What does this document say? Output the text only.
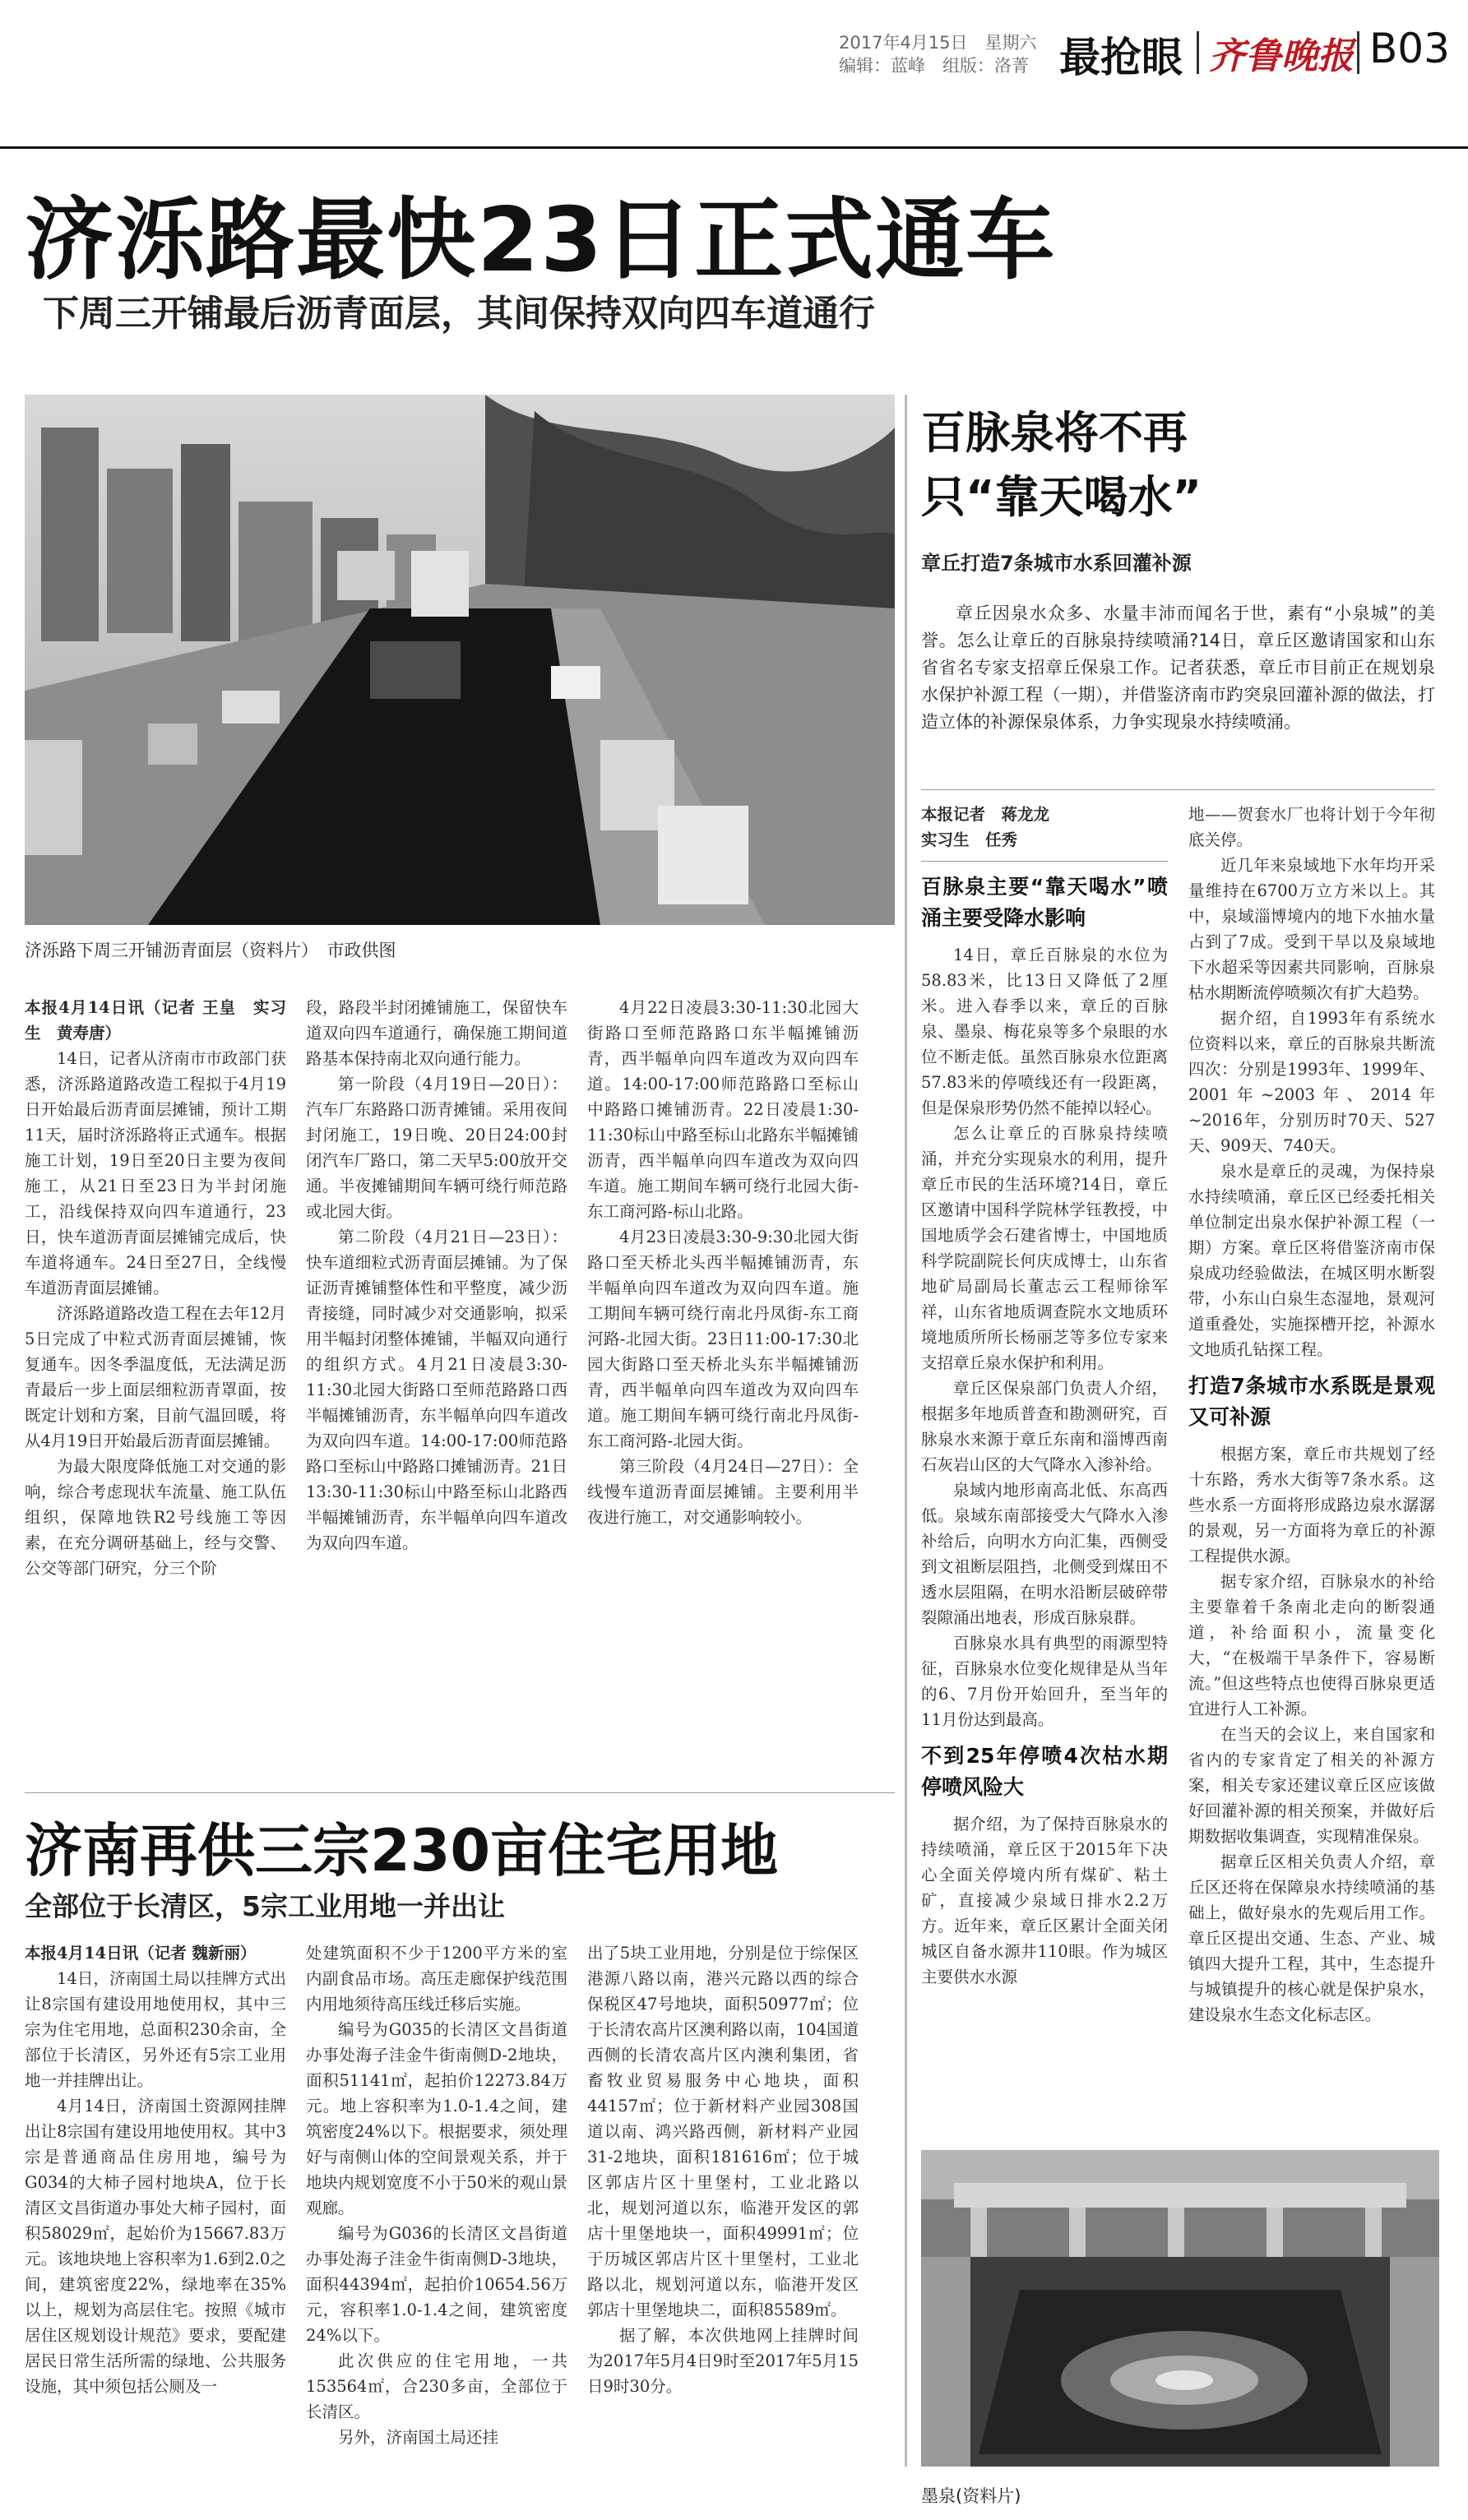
2017年4月15日　星期六
编辑：蓝峰　组版：洛菁 最抢眼 齐鲁晚报 B03
济泺路最快23日正式通车
下周三开铺最后沥青面层，其间保持双向四车道通行
济泺路下周三开铺沥青面层（资料片）　市政供图

本报4月14日讯（记者 王皇　实习生　黄寿唐）

14日，记者从济南市市政部门获悉，济泺路道路改造工程拟于4月19日开始最后沥青面层摊铺，预计工期11天，届时济泺路将正式通车。根据施工计划，19日至20日主要为夜间施工，从21日至23日为半封闭施工，沿线保持双向四车道通行，23日，快车道沥青面层摊铺完成后，快车道将通车。24日至27日，全线慢车道沥青面层摊铺。

济泺路道路改造工程在去年12月5日完成了中粒式沥青面层摊铺，恢复通车。因冬季温度低，无法满足沥青最后一步上面层细粒沥青罩面，按既定计划和方案，目前气温回暖，将从4月19日开始最后沥青面层摊铺。

为最大限度降低施工对交通的影响，综合考虑现状车流量、施工队伍组织，保障地铁R2号线施工等因素，在充分调研基础上，经与交警、公交等部门研究，分三个阶

段，路段半封闭摊铺施工，保留快车道双向四车道通行，确保施工期间道路基本保持南北双向通行能力。

第一阶段（4月19日—20日）：汽车厂东路路口沥青摊铺。采用夜间封闭施工，19日晚、20日24:00封闭汽车厂路口，第二天早5:00放开交通。半夜摊铺期间车辆可绕行师范路或北园大街。

第二阶段（4月21日—23日）：快车道细粒式沥青面层摊铺。为了保证沥青摊铺整体性和平整度，减少沥青接缝，同时减少对交通影响，拟采用半幅封闭整体摊铺，半幅双向通行的组织方式。4月21日凌晨3:30-11:30北园大街路口至师范路路口西半幅摊铺沥青，东半幅单向四车道改为双向四车道。14:00-17:00师范路路口至标山中路路口摊铺沥青。21日13:30-11:30标山中路至标山北路西半幅摊铺沥青，东半幅单向四车道改为双向四车道。

4月22日凌晨3:30-11:30北园大街路口至师范路路口东半幅摊铺沥青，西半幅单向四车道改为双向四车道。14:00-17:00师范路路口至标山中路路口摊铺沥青。22日凌晨1:30-11:30标山中路至标山北路东半幅摊铺沥青，西半幅单向四车道改为双向四车道。施工期间车辆可绕行北园大街-东工商河路-标山北路。

4月23日凌晨3:30-9:30北园大街路口至天桥北头西半幅摊铺沥青，东半幅单向四车道改为双向四车道。施工期间车辆可绕行南北丹凤街-东工商河路-北园大街。23日11:00-17:30北园大街路口至天桥北头东半幅摊铺沥青，西半幅单向四车道改为双向四车道。施工期间车辆可绕行南北丹凤街-东工商河路-北园大街。

第三阶段（4月24日—27日）：全线慢车道沥青面层摊铺。主要利用半夜进行施工，对交通影响较小。

济南再供三宗230亩住宅用地
全部位于长清区，5宗工业用地一并出让

本报4月14日讯（记者 魏新丽）

14日，济南国土局以挂牌方式出让8宗国有建设用地使用权，其中三宗为住宅用地，总面积230余亩，全部位于长清区，另外还有5宗工业用地一并挂牌出让。

4月14日，济南国土资源网挂牌出让8宗国有建设用地使用权。其中3宗是普通商品住房用地，编号为G034的大柿子园村地块A，位于长清区文昌街道办事处大柿子园村，面积58029㎡，起始价为15667.83万元。该地块地上容积率为1.6到2.0之间，建筑密度22%，绿地率在35%以上，规划为高层住宅。按照《城市居住区规划设计规范》要求，要配建居民日常生活所需的绿地、公共服务设施，其中须包括公厕及一

处建筑面积不少于1200平方米的室内副食品市场。高压走廊保护线范围内用地须待高压线迁移后实施。

编号为G035的长清区文昌街道办事处海子洼金牛街南侧D-2地块，面积51141㎡，起拍价12273.84万元。地上容积率为1.0-1.4之间，建筑密度24%以下。根据要求，须处理好与南侧山体的空间景观关系，并于地块内规划宽度不小于50米的观山景观廊。

编号为G036的长清区文昌街道办事处海子洼金牛街南侧D-3地块，面积44394㎡，起拍价10654.56万元，容积率1.0-1.4之间，建筑密度24%以下。

此次供应的住宅用地，一共153564㎡，合230多亩，全部位于长清区。

另外，济南国土局还挂

出了5块工业用地，分别是位于综保区港源八路以南，港兴元路以西的综合保税区47号地块，面积50977㎡；位于长清农高片区澳利路以南，104国道西侧的长清农高片区内澳利集团，省畜牧业贸易服务中心地块，面积44157㎡；位于新材料产业园308国道以南、鸿兴路西侧，新材料产业园31-2地块，面积181616㎡；位于城区郭店片区十里堡村，工业北路以北，规划河道以东，临港开发区的郭店十里堡地块一，面积49991㎡；位于历城区郭店片区十里堡村，工业北路以北，规划河道以东，临港开发区郭店十里堡地块二，面积85589㎡。

据了解，本次供地网上挂牌时间为2017年5月4日9时至2017年5月15日9时30分。

百脉泉将不再
只“靠天喝水”
章丘打造7条城市水系回灌补源

章丘因泉水众多、水量丰沛而闻名于世，素有“小泉城”的美誉。怎么让章丘的百脉泉持续喷涌?14日，章丘区邀请国家和山东省省名专家支招章丘保泉工作。记者获悉，章丘市目前正在规划泉水保护补源工程（一期），并借鉴济南市趵突泉回灌补源的做法，打造立体的补源保泉体系，力争实现泉水持续喷涌。

本报记者　蒋龙龙

实习生　任秀

百脉泉主要“靠天喝水”喷涌主要受降水影响

14日，章丘百脉泉的水位为58.83米，比13日又降低了2厘米。进入春季以来，章丘的百脉泉、墨泉、梅花泉等多个泉眼的水位不断走低。虽然百脉泉水位距离57.83米的停喷线还有一段距离，但是保泉形势仍然不能掉以轻心。

怎么让章丘的百脉泉持续喷涌，并充分实现泉水的利用，提升章丘市民的生活环境?14日，章丘区邀请中国科学院林学钰教授，中国地质学会石建省博士，中国地质科学院副院长何庆成博士，山东省地矿局副局长董志云工程师徐军祥，山东省地质调查院水文地质环境地质所所长杨丽芝等多位专家来支招章丘泉水保护和利用。

章丘区保泉部门负责人介绍，根据多年地质普查和勘测研究，百脉泉水来源于章丘东南和淄博西南石灰岩山区的大气降水入渗补给。

泉域内地形南高北低、东高西低。泉域东南部接受大气降水入渗补给后，向明水方向汇集，西侧受到文祖断层阻挡，北侧受到煤田不透水层阻隔，在明水沿断层破碎带裂隙涌出地表，形成百脉泉群。

百脉泉水具有典型的雨源型特征，百脉泉水位变化规律是从当年的6、7月份开始回升，至当年的11月份达到最高。

不到25年停喷4次枯水期停喷风险大

据介绍，为了保持百脉泉水的持续喷涌，章丘区于2015年下决心全面关停境内所有煤矿、粘土矿，直接减少泉域日排水2.2万方。近年来，章丘区累计全面关闭城区自备水源井110眼。作为城区主要供水水源

地——贺套水厂也将计划于今年彻底关停。

近几年来泉域地下水年均开采量维持在6700万立方米以上。其中，泉域淄博境内的地下水抽水量占到了7成。受到干旱以及泉域地下水超采等因素共同影响，百脉泉枯水期断流停喷频次有扩大趋势。

据介绍，自1993年有系统水位资料以来，章丘的百脉泉共断流四次：分别是1993年、1999年、2001年~2003年、2014年~2016年，分别历时70天、527天、909天、740天。

泉水是章丘的灵魂，为保持泉水持续喷涌，章丘区已经委托相关单位制定出泉水保护补源工程（一期）方案。章丘区将借鉴济南市保泉成功经验做法，在城区明水断裂带，小东山白泉生态湿地，景观河道重叠处，实施探槽开挖，补源水文地质孔钻探工程。

打造7条城市水系既是景观又可补源

根据方案，章丘市共规划了经十东路，秀水大街等7条水系。这些水系一方面将形成路边泉水潺潺的景观，另一方面将为章丘的补源工程提供水源。

据专家介绍，百脉泉水的补给主要靠着千条南北走向的断裂通道，补给面积小，流量变化大，“在极端干旱条件下，容易断流。”但这些特点也使得百脉泉更适宜进行人工补源。

在当天的会议上，来自国家和省内的专家肯定了相关的补源方案，相关专家还建议章丘区应该做好回灌补源的相关预案，并做好后期数据收集调查，实现精准保泉。

据章丘区相关负责人介绍，章丘区还将在保障泉水持续喷涌的基础上，做好泉水的先观后用工作。章丘区提出交通、生态、产业、城镇四大提升工程，其中，生态提升与城镇提升的核心就是保护泉水，建设泉水生态文化标志区。

墨泉(资料片)
